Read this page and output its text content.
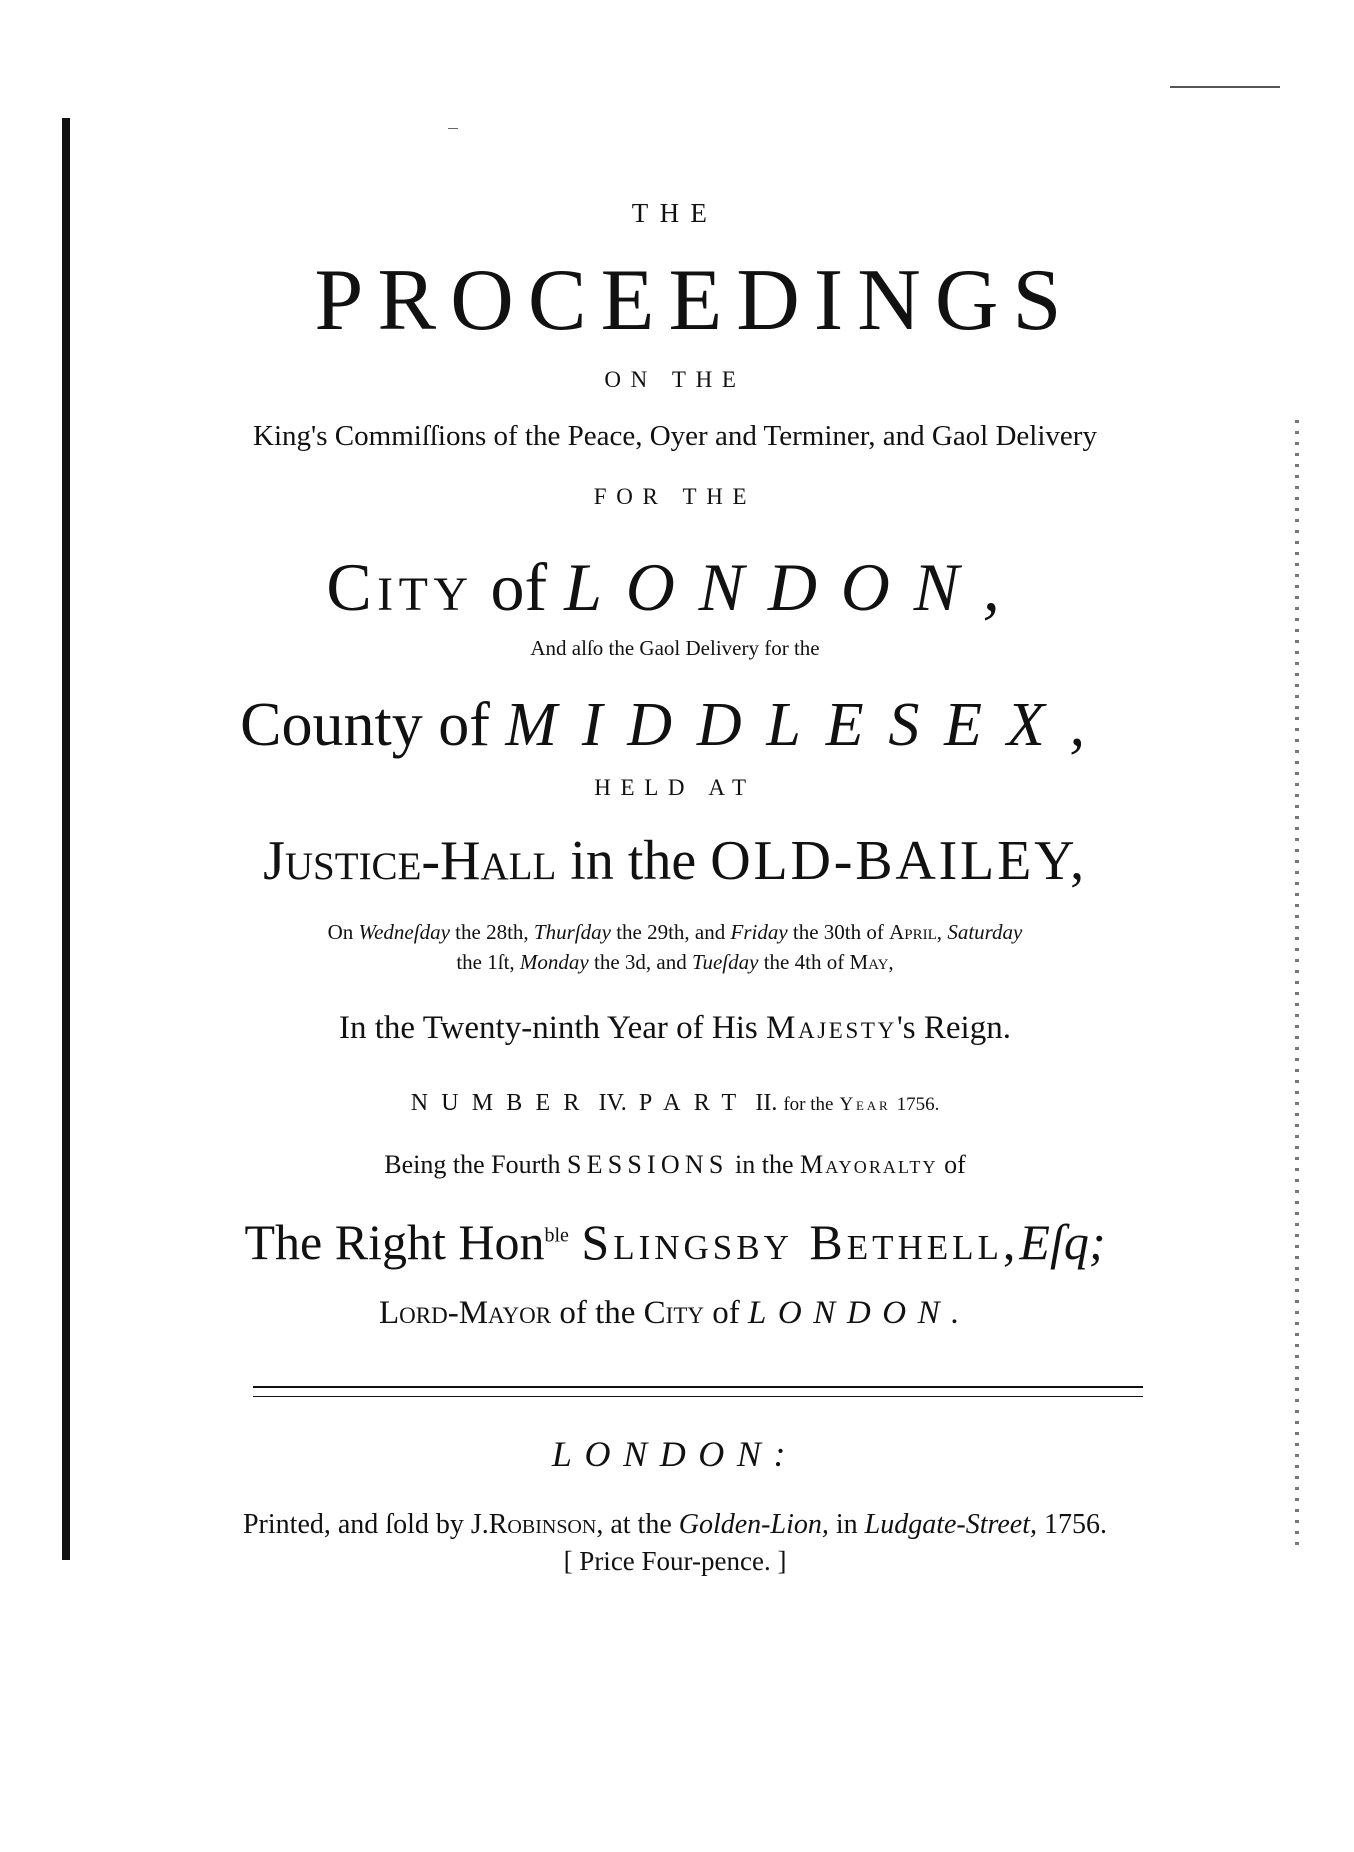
THE
PROCEEDINGS
ON THE
King's Commiſſions of the Peace, Oyer and Terminer, and Gaol Delivery
FOR THE
City of LONDON,
And alſo the Gaol Delivery for the
County of MIDDLESEX,
HELD AT
Justice-Hall in the OLD-BAILEY,
On Wedneſday the 28th, Thurſday the 29th, and Friday the 30th of April, Saturday
the 1ſt, Monday the 3d, and Tueſday the 4th of May,
In the Twenty-ninth Year of His Majesty's Reign.
NUMBER IV. PART II. for the Year 1756.
Being the Fourth SESSIONS in the Mayoralty of
The Right Hon$^{ble}$ Slingsby Bethell,Eſq;
Lord-Mayor of the City of LONDON.
LONDON:
Printed, and ſold by J.Robinson, at the Golden-Lion, in Ludgate-Street, 1756.
[ Price Four-pence. ]
